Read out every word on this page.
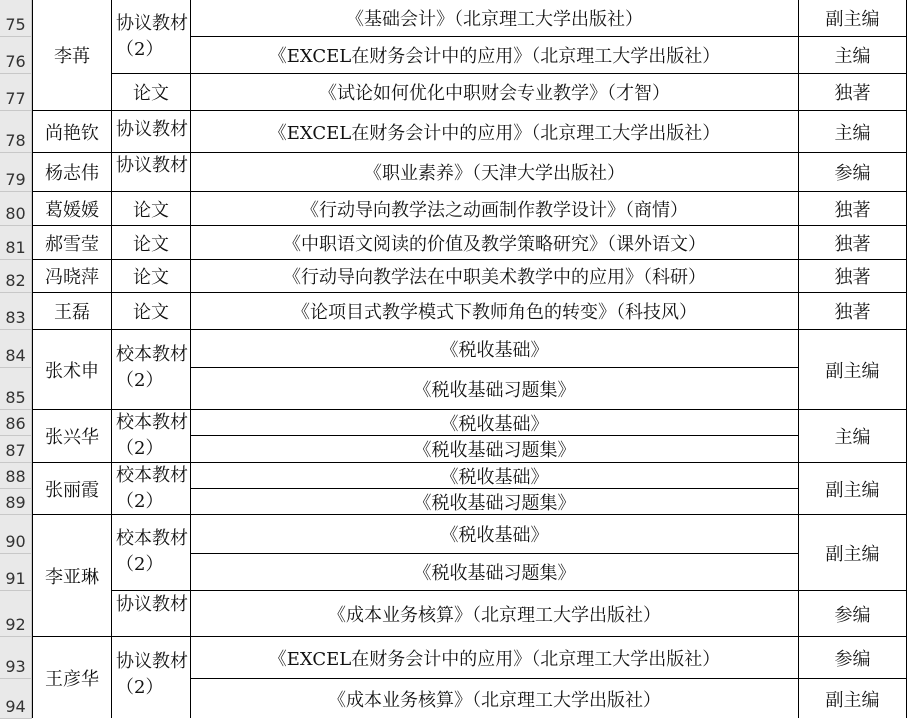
75
76
77
78
79
80
81
82
83
84
85
86
87
88
89
90
91
92
93
94
李苒
尚艳钦
杨志伟
葛媛媛
郝雪莹
冯晓萍
王磊
张术申
张兴华
张丽霞
李亚琳
王彦华
协议教材（2）
论文
协议教材
协议教材
论文
论文
论文
论文
校本教材（2）
校本教材（2）
校本教材（2）
校本教材（2）
协议教材
协议教材（2）
《基础会计》（北京理工大学出版社）
《EXCEL在财务会计中的应用》（北京理工大学出版社）
《试论如何优化中职财会专业教学》（才智）
《EXCEL在财务会计中的应用》（北京理工大学出版社）
《职业素养》（天津大学出版社）
《行动导向教学法之动画制作教学设计》（商情）
《中职语文阅读的价值及教学策略研究》（课外语文）
《行动导向教学法在中职美术教学中的应用》（科研）
《论项目式教学模式下教师角色的转变》（科技风）
《税收基础》
《税收基础习题集》
《税收基础》
《税收基础习题集》
《税收基础》
《税收基础习题集》
《税收基础》
《税收基础习题集》
《成本业务核算》（北京理工大学出版社）
《EXCEL在财务会计中的应用》（北京理工大学出版社）
《成本业务核算》（北京理工大学出版社）
副主编
主编
独著
主编
参编
独著
独著
独著
独著
副主编
主编
副主编
副主编
参编
参编
副主编
